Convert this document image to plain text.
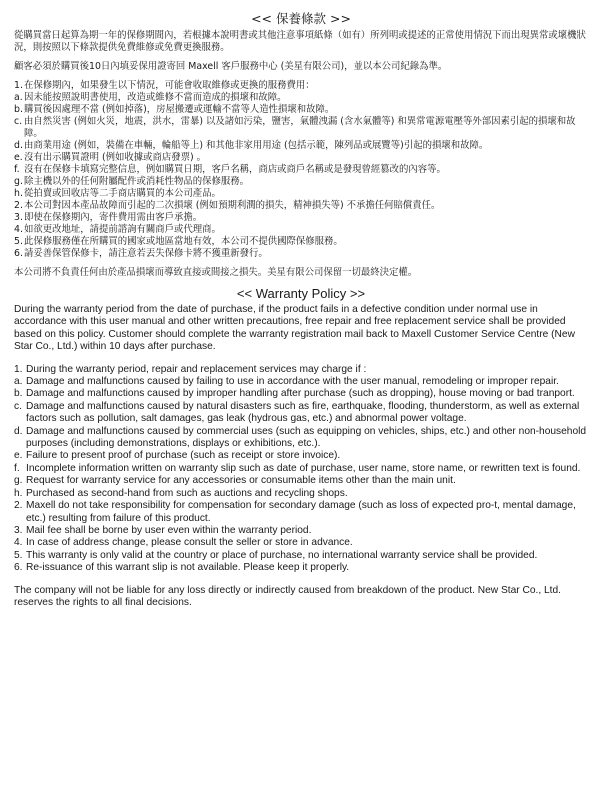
<< 保養條款 >>

從購買當日起算為期一年的保修期間內，若根據本說明書或其他注意事項紙條（如有）所列明或提述的正常使用情況下而出現異常或壞機狀況，則按照以下條款提供免費維修或免費更換服務。

顧客必須於購買後10日內填妥保用證寄回 Maxell 客戶服務中心 (美星有限公司)，並以本公司紀錄為準。

1. 在保修期內，如果發生以下情況，可能會收取維修或更換的服務費用：
a. 因未能按照說明書使用，改造或維修不當而造成的損壞和故障。
b. 購買後因處理不當 (例如掉落)，房屋搬遷或運輸不當等人造性損壞和故障。
c. 由自然災害 (例如火災，地震，洪水，雷暴) 以及諸如污染，鹽害，氣體洩漏 (含水氣體等) 和異常電源電壓等外部因素引起的損壞和故障。
d. 由商業用途 (例如，裝備在車輛，輪船等上) 和其他非家用用途 (包括示範，陳列品或展覽等)引起的損壞和故障。
e. 沒有出示購買證明 (例如收據或商店發票) 。
f. 沒有在保修卡填寫完整信息，例如購買日期，客戶名稱，商店或商戶名稱或是發現曾經篡改的內容等。
g. 除主機以外的任何附屬配件或消耗性物品的保修服務。
h. 從拍賣或回收店等二手商店購買的本公司產品。
2. 本公司對因本產品故障而引起的二次損壞 (例如預期利潤的損失，精神損失等) 不承擔任何賠償責任。
3. 即使在保修期內，寄件費用需由客戶承擔。
4. 如欲更改地址，請提前諮詢有關商戶或代理商。
5. 此保修服務僅在所購買的國家或地區當地有效，本公司不提供國際保修服務。
6. 請妥善保管保修卡，請注意若丟失保修卡將不獲重新發行。

本公司將不負責任何由於產品損壞而導致直接或間接之損失。美星有限公司保留一切最終決定權。

<< Warranty Policy >>

During the warranty period from the date of purchase, if the product fails in a defective condition under normal use in accordance with this user manual and other written precautions, free repair and free replacement service shall be provided based on this policy. Customer should complete the warranty registration mail back to Maxell Customer Service Centre (New Star Co., Ltd.) within 10 days after purchase.

1. During the warranty period, repair and replacement services may charge if :
a. Damage and malfunctions caused by failing to use in accordance with the user manual, remodeling or improper repair.
b. Damage and malfunctions caused by improper handling after purchase (such as dropping), house moving or bad tranport.
c. Damage and malfunctions caused by natural disasters such as fire, earthquake, flooding, thunderstorm, as well as external factors such as pollution, salt damages, gas leak (hydrous gas, etc.) and abnormal power voltage.
d. Damage and malfunctions caused by commercial uses (such as equipping on vehicles, ships, etc.) and other non-household purposes (including demonstrations, displays or exhibitions, etc.).
e. Failure to present proof of purchase (such as receipt or store invoice).
f. Incomplete information written on warranty slip such as date of purchase, user name, store name, or rewritten text is found.
g. Request for warranty service for any accessories or consumable items other than the main unit.
h. Purchased as second-hand from such as auctions and recycling shops.
2. Maxell do not take responsibility for compensation for secondary damage (such as loss of expected pro-t, mental damage, etc.) resulting from failure of this product.
3. Mail fee shall be borne by user even within the warranty period.
4. In case of address change, please consult the seller or store in advance.
5. This warranty is only valid at the country or place of purchase, no international warranty service shall be provided.
6. Re-issuance of this warrant slip is not available. Please keep it properly.

The company will not be liable for any loss directly or indirectly caused from breakdown of the product. New Star Co., Ltd. reserves the rights to all final decisions.
